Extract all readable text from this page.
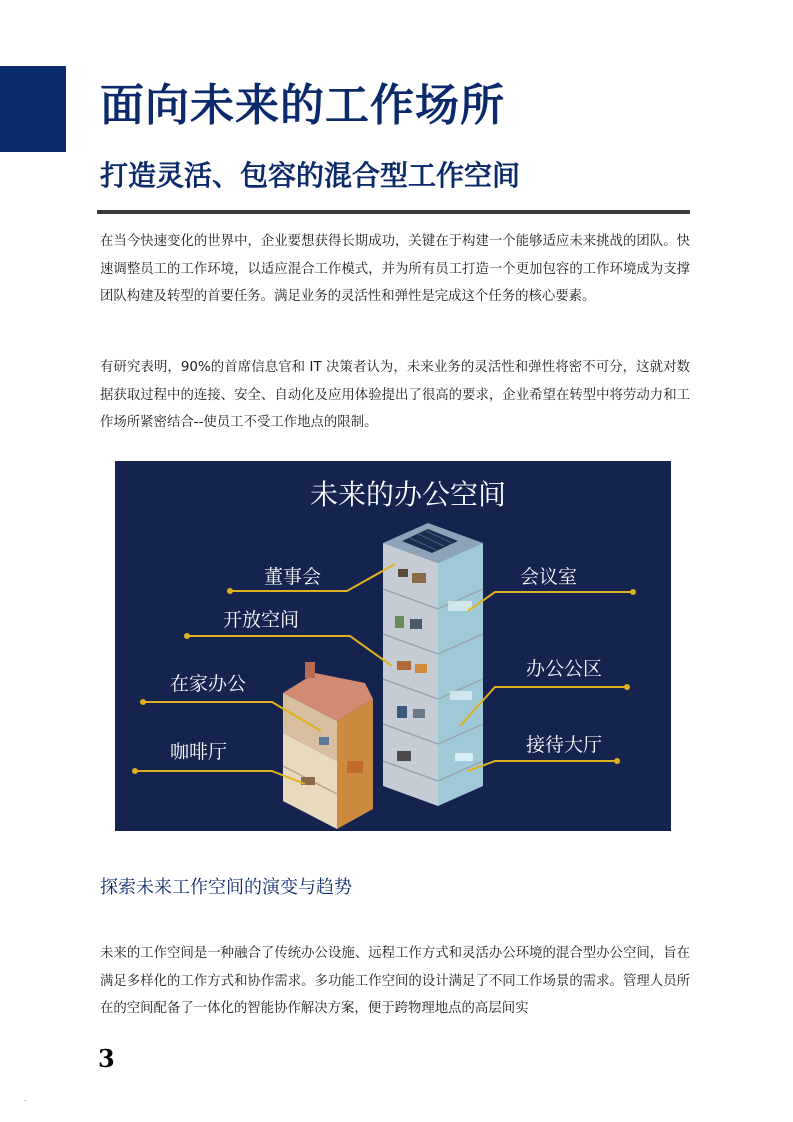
面向未来的工作场所
打造灵活、包容的混合型工作空间

在当今快速变化的世界中，企业要想获得长期成功，关键在于构建一个能够适应未来挑战的团队。快速调整员工的工作环境，以适应混合工作模式，并为所有员工打造一个更加包容的工作环境成为支撑团队构建及转型的首要任务。满足业务的灵活性和弹性是完成这个任务的核心要素。

有研究表明，90%的首席信息官和 IT 决策者认为，未来业务的灵活性和弹性将密不可分，这就对数据获取过程中的连接、安全、自动化及应用体验提出了很高的要求，企业希望在转型中将劳动力和工作场所紧密结合--使员工不受工作地点的限制。

未来的办公空间
董事会
开放空间
在家办公
咖啡厅
会议室
办公公区
接待大厅
探索未来工作空间的演变与趋势

未来的工作空间是一种融合了传统办公设施、远程工作方式和灵活办公环境的混合型办公空间，旨在满足多样化的工作方式和协作需求。多功能工作空间的设计满足了不同工作场景的需求。管理人员所在的空间配备了一体化的智能协作解决方案，便于跨物理地点的高层间实

3
.
